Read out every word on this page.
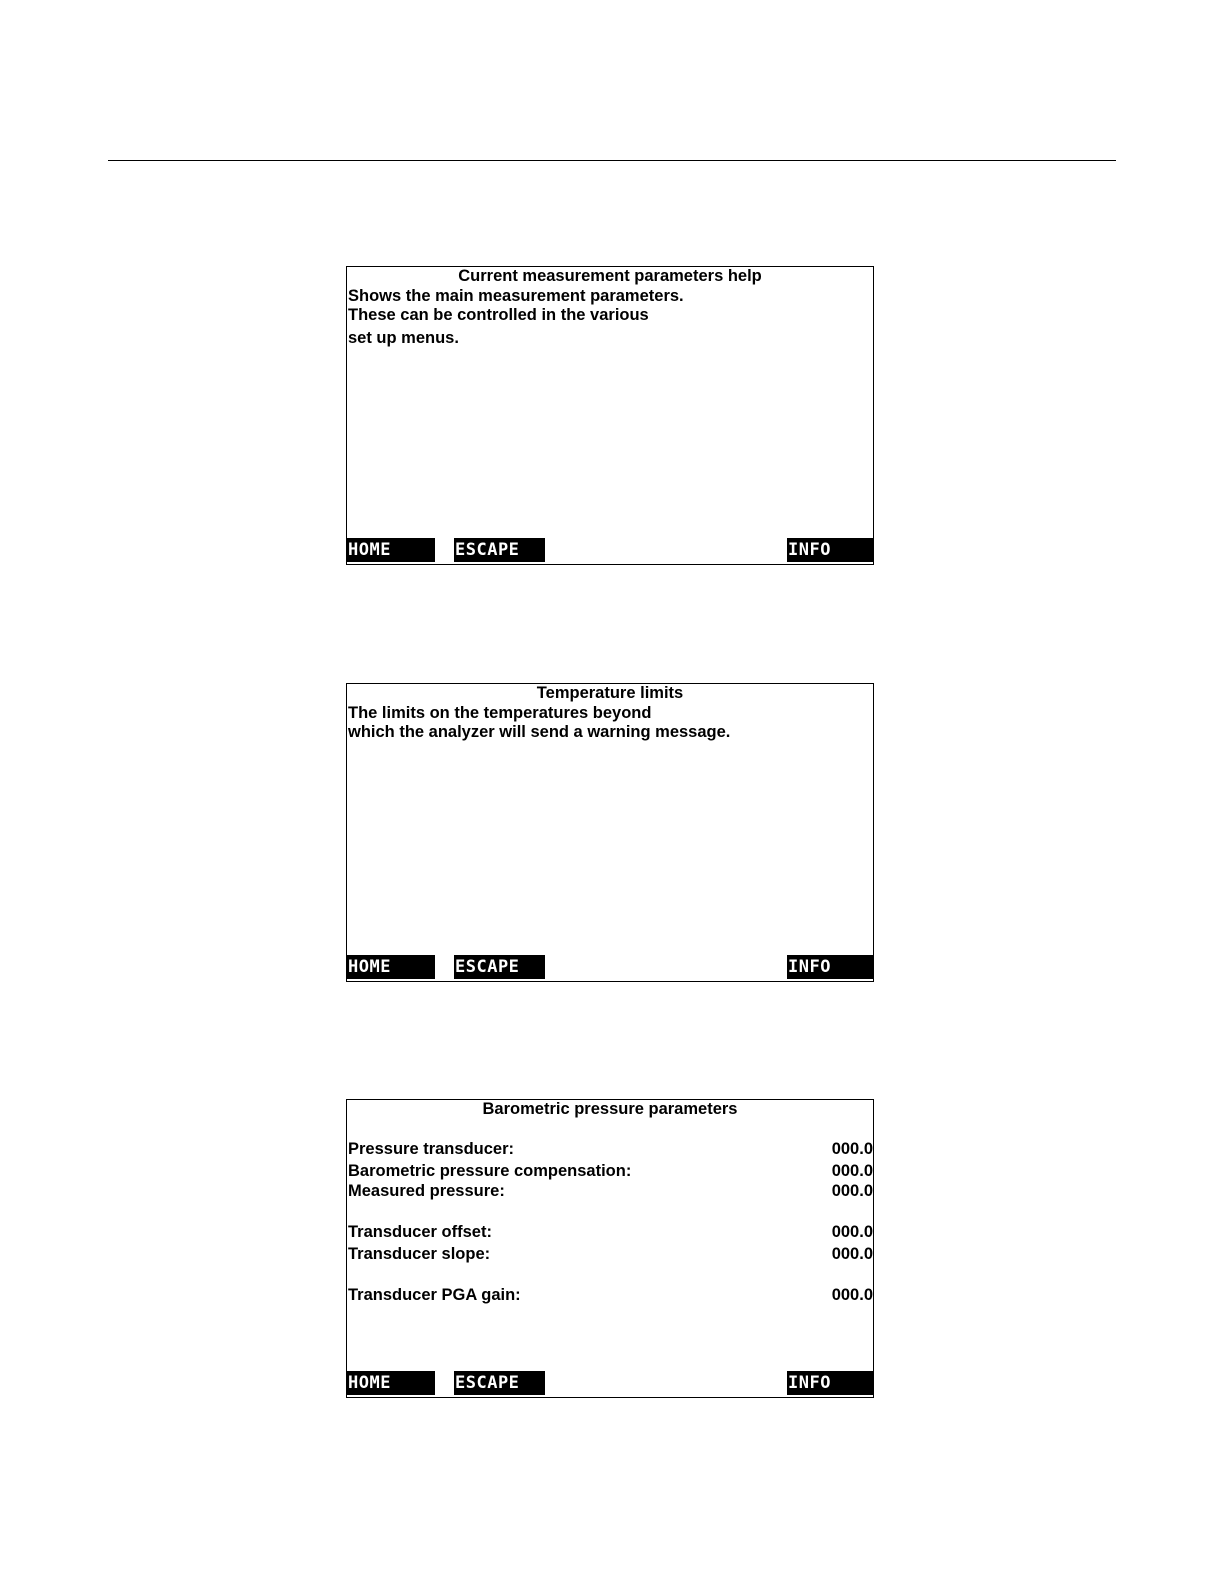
Current measurement parameters help
Shows the main measurement parameters.
These can be controlled in the various
set up menus.
HOME	ESCAPE	INFO
Temperature limits
The limits on the temperatures beyond
which the analyzer will send a warning message.
HOME	ESCAPE	INFO
Barometric pressure parameters
Pressure transducer:	000.0
Barometric pressure compensation:	000.0
Measured pressure:	000.0
Transducer offset:	000.0
Transducer slope:	000.0
Transducer PGA gain:	000.0
HOME	ESCAPE	INFO
